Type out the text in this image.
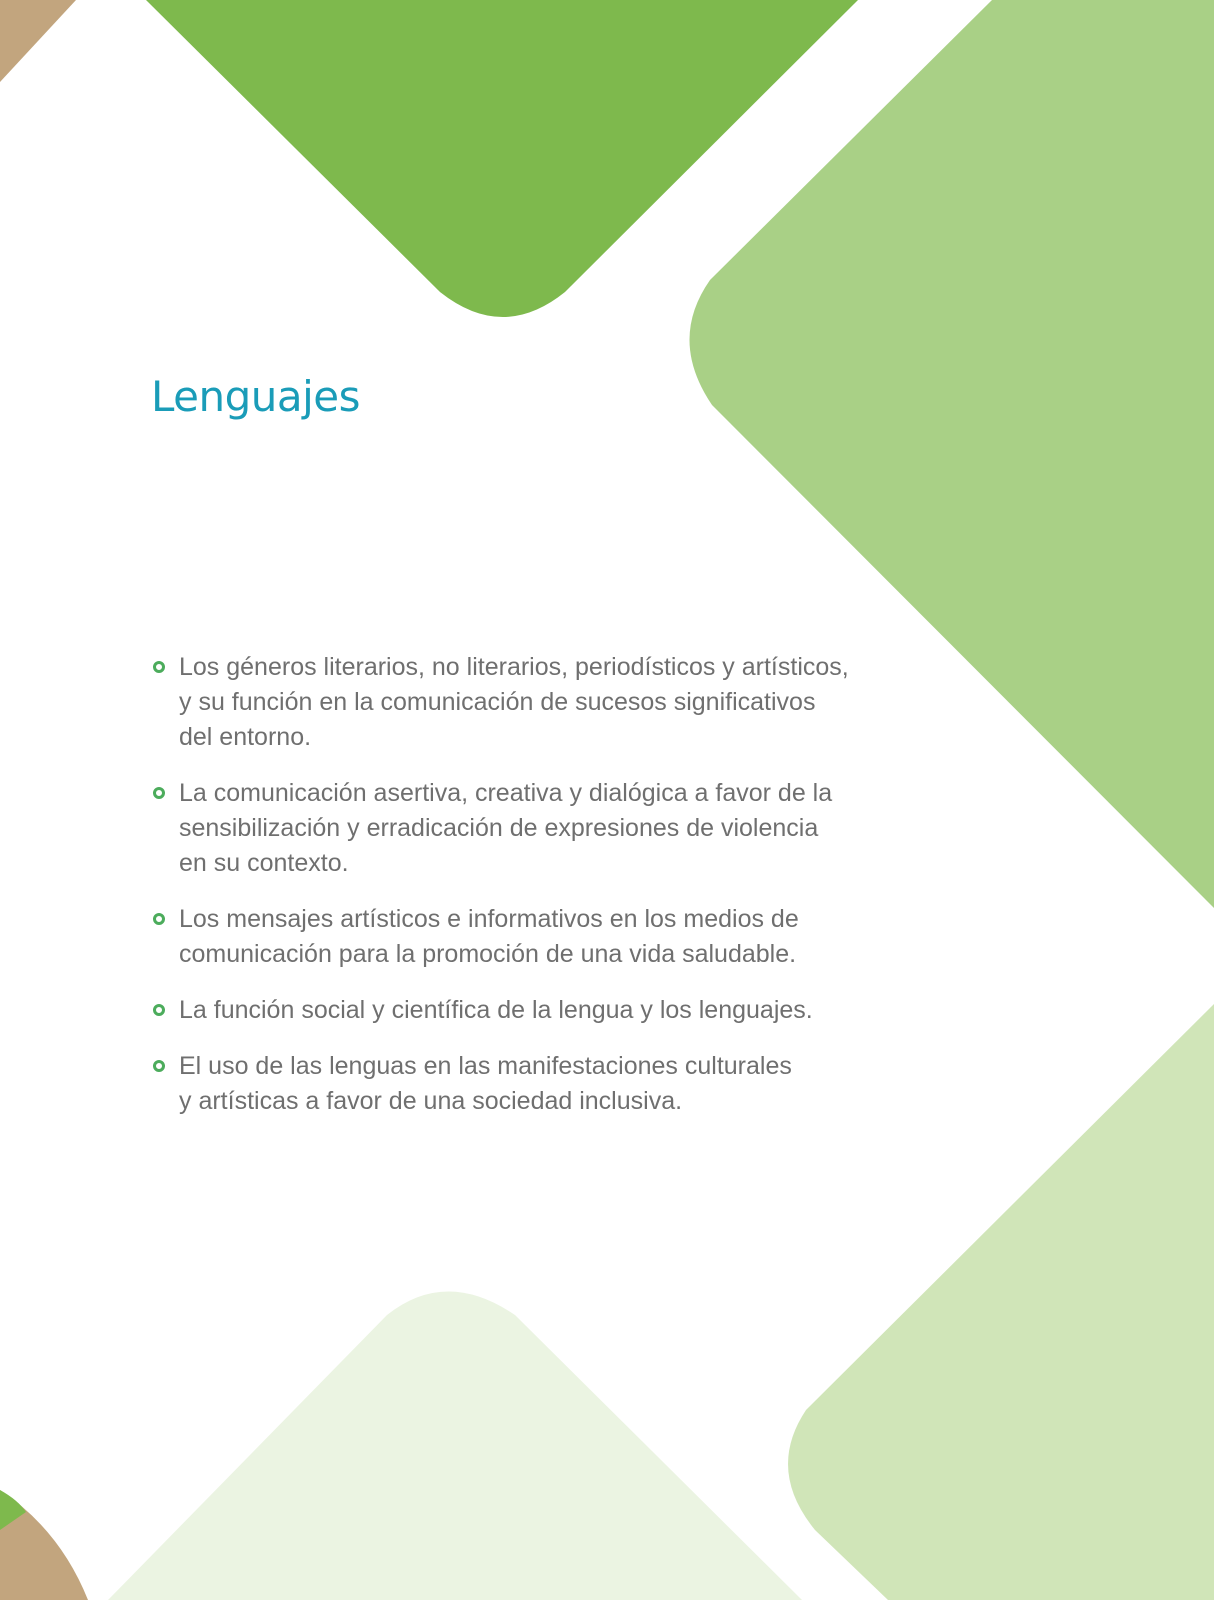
Lenguajes
Los géneros literarios, no literarios, periodísticos y artísticos,
y su función en la comunicación de sucesos significativos
del entorno.
La comunicación asertiva, creativa y dialógica a favor de la
sensibilización y erradicación de expresiones de violencia
en su contexto.
Los mensajes artísticos e informativos en los medios de
comunicación para la promoción de una vida saludable.
La función social y científica de la lengua y los lenguajes.
El uso de las lenguas en las manifestaciones culturales
y artísticas a favor de una sociedad inclusiva.
